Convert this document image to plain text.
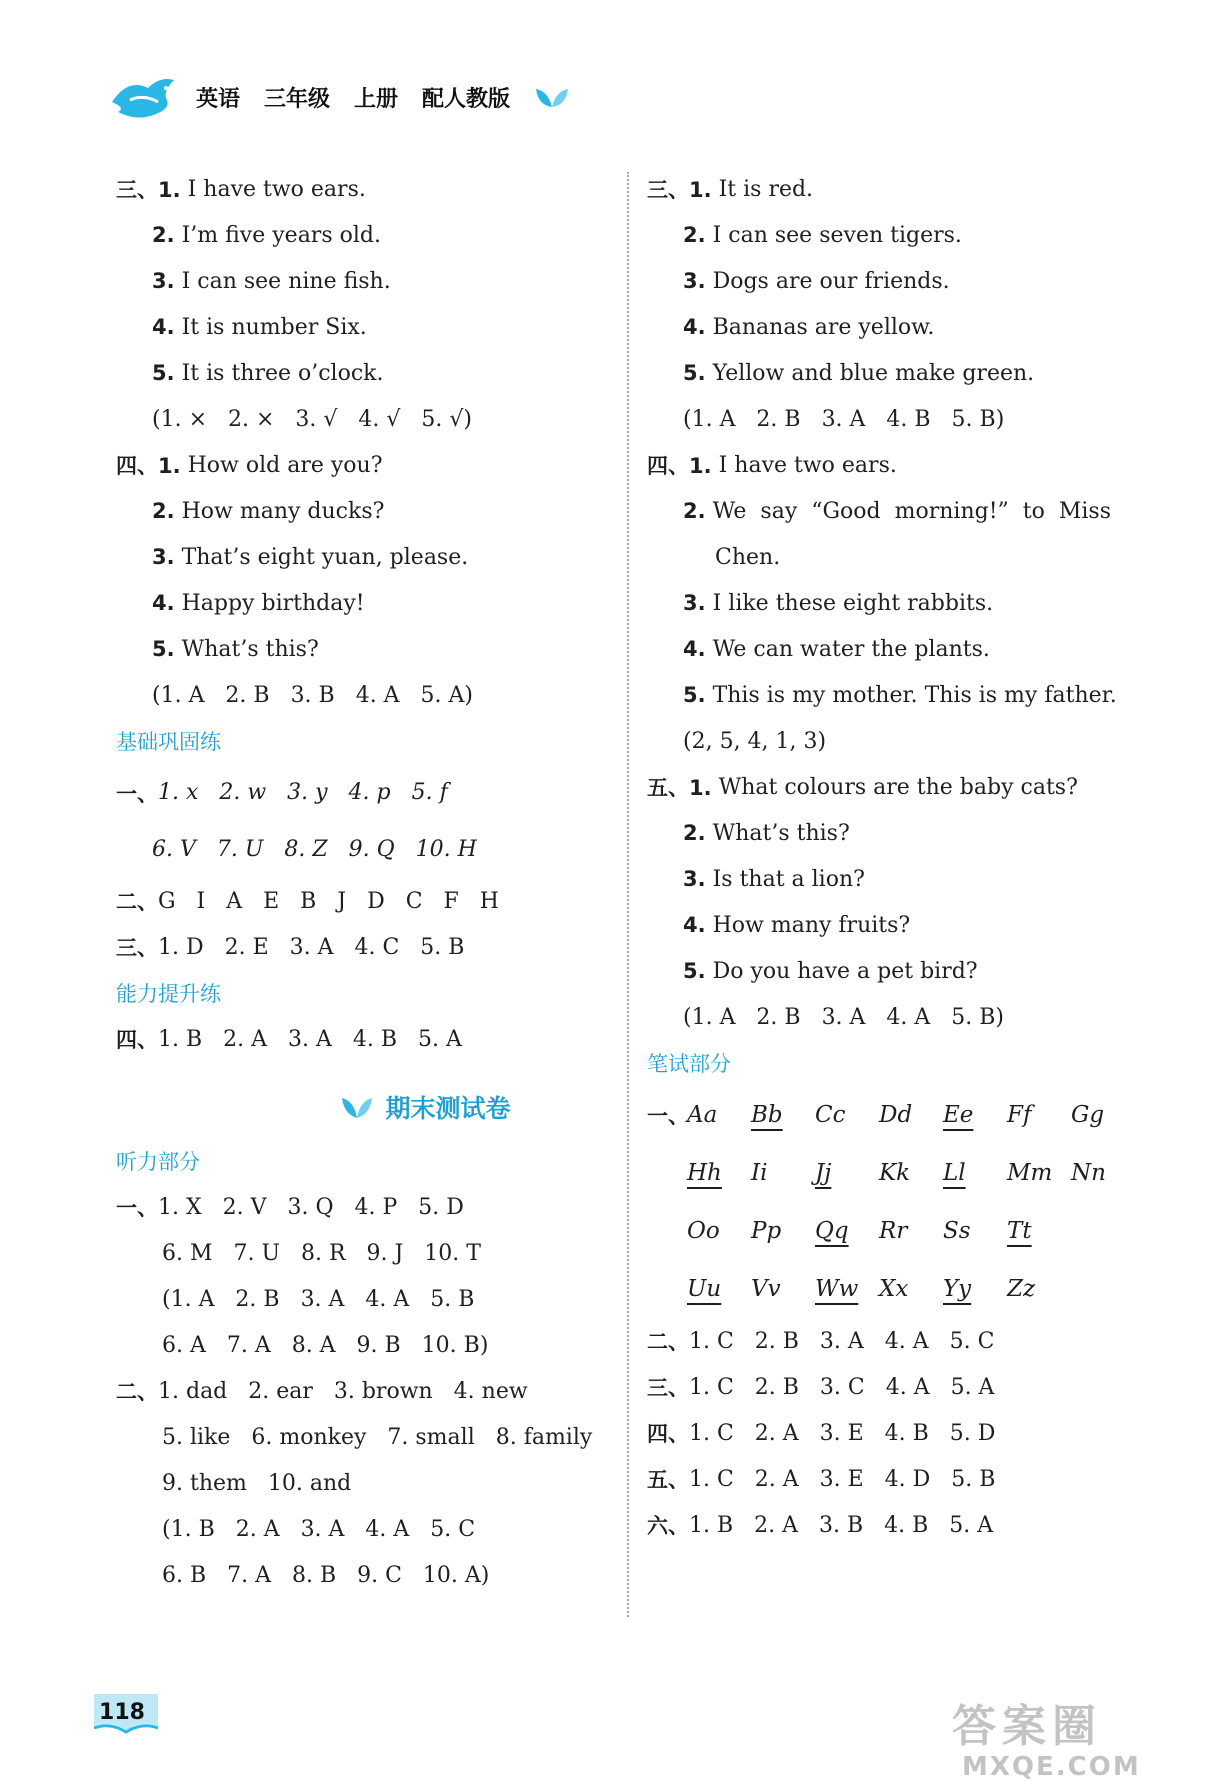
英语 三年级 上册 配人教版
三、1.
I have two ears.
2.
I’m five years old.
3.
I can see nine fish.
4.
It is number Six.
5.
It is three o’clock.
(1. ×   2. ×   3. √   4. √   5. √)
四、1.
How old are you?
2.
How many ducks?
3.
That’s eight yuan, please.
4.
Happy birthday!
5.
What’s this?
(1. A   2. B   3. B   4. A   5. A)
基础巩固练
一、 1. x   2. w   3. y   4. p   5. f
6. V   7. U   8. Z   9. Q   10. H
二、 G   I   A   E   B   J   D   C   F   H
三、 1. D   2. E   3. A   4. C   5. B
能力提升练
四、 1. B   2. A   3. A   4. B   5. A
期末测试卷
听力部分
一、 1. X   2. V   3. Q   4. P   5. D
6. M   7. U   8. R   9. J   10. T
(1. A   2. B   3. A   4. A   5. B
6. A   7. A   8. A   9. B   10. B)
二、 1. dad   2. ear   3. brown   4. new
5. like   6. monkey   7. small   8. family
9. them   10. and
(1. B   2. A   3. A   4. A   5. C
6. B   7. A   8. B   9. C   10. A)
三、1.
It is red.
2.
I can see seven tigers.
3.
Dogs are our friends.
4.
Bananas are yellow.
5.
Yellow and blue make green.
(1. A   2. B   3. A   4. B   5. B)
四、1.
I have two ears.
2.
We  say  “Good  morning!”  to  Miss
Chen.
3.
I like these eight rabbits.
4.
We can water the plants.
5.
This is my mother. This is my father.
(2, 5, 4, 1, 3)
五、1.
What colours are the baby cats?
2.
What’s this?
3.
Is that a lion?
4.
How many fruits?
5.
Do you have a pet bird?
(1. A   2. B   3. A   4. A   5. B)
笔试部分
一、
Aa	Bb	Cc	Dd	Ee	Ff	Gg
Hh	Ii	Jj	Kk	Ll	Mm Nn
Oo	Pp	Qq	Rr	Ss	Tt
Uu	Vv	Ww Xx	Yy	Zz
二、 1. C   2. B   3. A   4. A   5. C
三、 1. C   2. B   3. C   4. A   5. A
四、 1. C   2. A   3. E   4. B   5. D
五、 1. C   2. A   3. E   4. D   5. B
六、 1. B   2. A   3. B   4. B   5. A
118	答案圈
MXQE.COM
